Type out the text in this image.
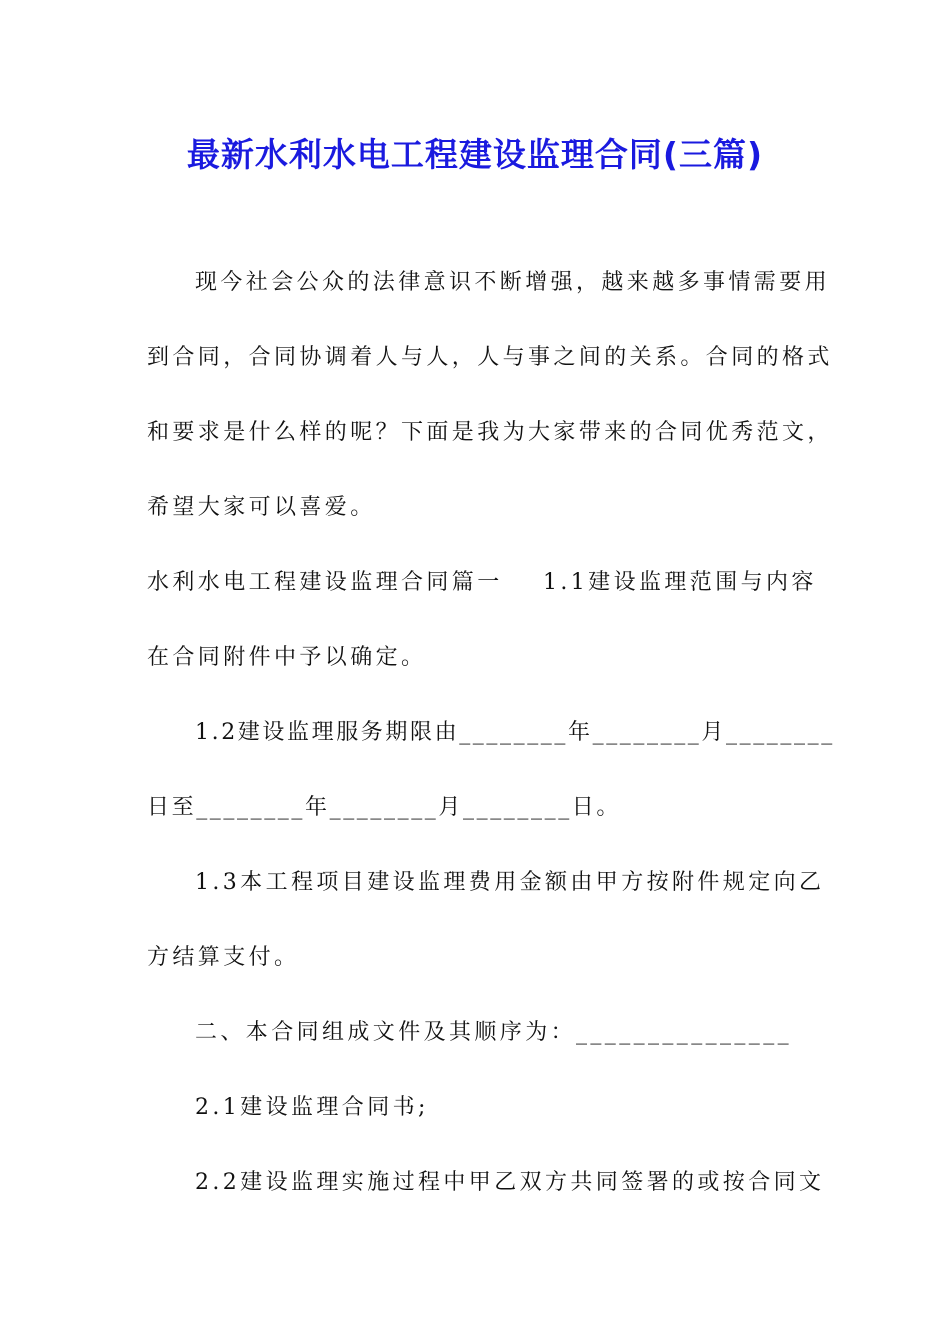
最新水利水电工程建设监理合同(三篇)

现今社会公众的法律意识不断增强，越来越多事情需要用

到合同，合同协调着人与人，人与事之间的关系。合同的格式

和要求是什么样的呢？下面是我为大家带来的合同优秀范文，

希望大家可以喜爱。

水利水电工程建设监理合同篇一 1.1建设监理范围与内容

在合同附件中予以确定。

1.2建设监理服务期限由________年________月________

日至________年________月________日。

1.3本工程项目建设监理费用金额由甲方按附件规定向乙

方结算支付。

二、本合同组成文件及其顺序为：_______________

2.1建设监理合同书;

2.2建设监理实施过程中甲乙双方共同签署的或按合同文
